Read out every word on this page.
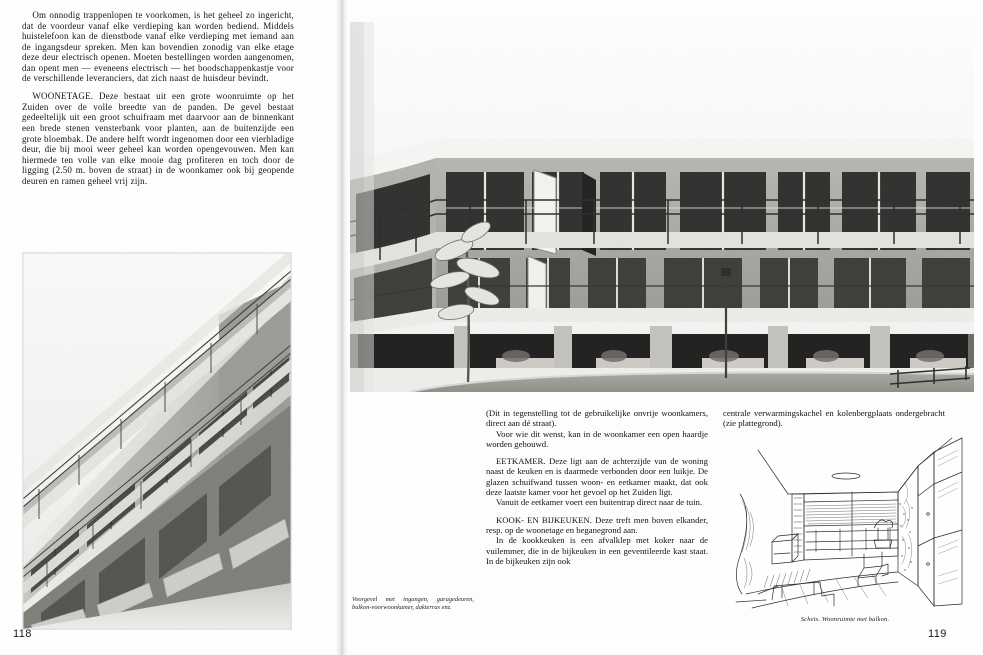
Om onnodig trappenlopen te voorkomen, is het geheel zo ingericht, dat de voordeur vanaf elke verdieping kan worden bediend. Middels huistelefoon kan de dienstbode vanaf elke verdieping met iemand aan de ingangsdeur spreken. Men kan bovendien zonodig van elke etage deze deur electrisch openen. Moeten bestellingen worden aangenomen, dan opent men — eveneens electrisch — het boodschappenkastje voor de verschillende leveranciers, dat zich naast de huisdeur bevindt.

WOONETAGE. Deze bestaat uit een grote woonruimte op het Zuiden over de volle breedte van de panden. De gevel bestaat gedeeltelijk uit een groot schuifraam met daarvoor aan de binnenkant een brede stenen vensterbank voor planten, aan de buitenzijde een grote bloembak. De andere helft wordt ingenomen door een vierbladige deur, die bij mooi weer geheel kan worden opengevouwen. Men kan hiermede ten volle van elke mooie dag profiteren en toch door de ligging (2.50 m. boven de straat) in de woonkamer ook bij geopende deuren en ramen geheel vrij zijn.

118
Voorgevel met ingangen, garagedeuren, balkon-voorwoonkamer, dakterras enz.

(Dit in tegenstelling tot de gebruikelijke onvrije woonkamers, direct aan dé straat).

Voor wie dit wenst, kan in de woonkamer een open haardje worden gebouwd.

EETKAMER. Deze ligt aan de achterzijde van de woning naast de keuken en is daarmede verbonden door een luikje. De glazen schuifwand tussen woon- en eetkamer maakt, dat ook deze laatste kamer voor het gevoel op het Zuiden ligt.

Vanuit de eetkamer voert een buitentrap direct naar de tuin.

KOOK- EN BIJKEUKEN. Deze treft men boven elkander, resp. op de woonetage en beganegrond aan.

In de kookkeuken is een afvalklep met koker naar de vuilemmer, die in de bijkeuken in een geventileerde kast staat. In de bijkeuken zijn ook

centrale verwarmingskachel en kolenbergplaats ondergebracht (zie plattegrond).

Schets. Woonruimte met balkon.
119
